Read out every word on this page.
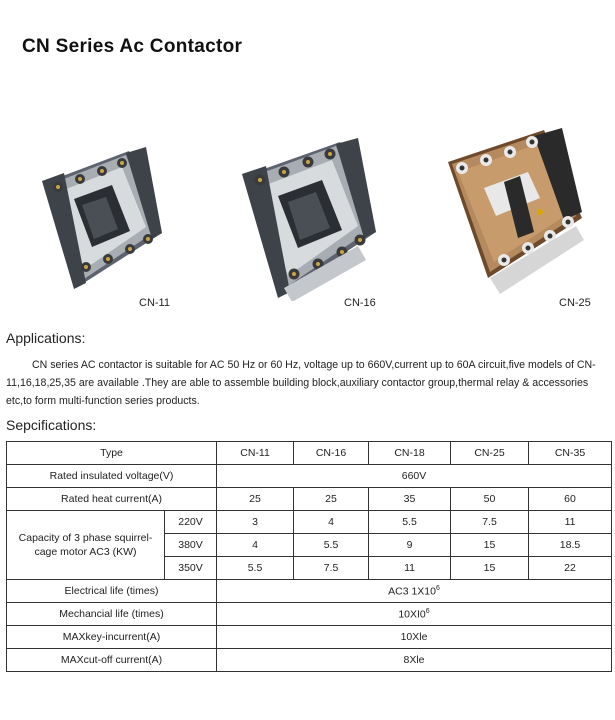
CN Series Ac Contactor
CN-11	CN-16	CN-25
Applications:

CN series AC contactor is suitable for AC 50 Hz or 60 Hz, voltage up to 660V,current up to 60A circuit,five models of CN-11,16,18,25,35 are available .They are able to assemble building block,auxiliary contactor group,thermal relay & accessories etc,to form multi-function series products.

Sepcifications:
Type		CN-11	CN-16	CN-18	CN-25	CN-35
Rated insulated voltage(V)		660V				
Rated heat current(A)		25	25	35	50	60
Capacity of 3 phase squirrel-cage motor AC3 (KW)	220V	3	4	5.5	7.5	11
	380V	4	5.5	9	15	18.5
	350V	5.5	7.5	11	15	22
Electrical life (times)		AC3 $1X10^6$
Mechancial life (times)		$10XI0^6$
MAXkey-incurrent(A)		10Xle				
MAXcut-off current(A)		8Xle				
